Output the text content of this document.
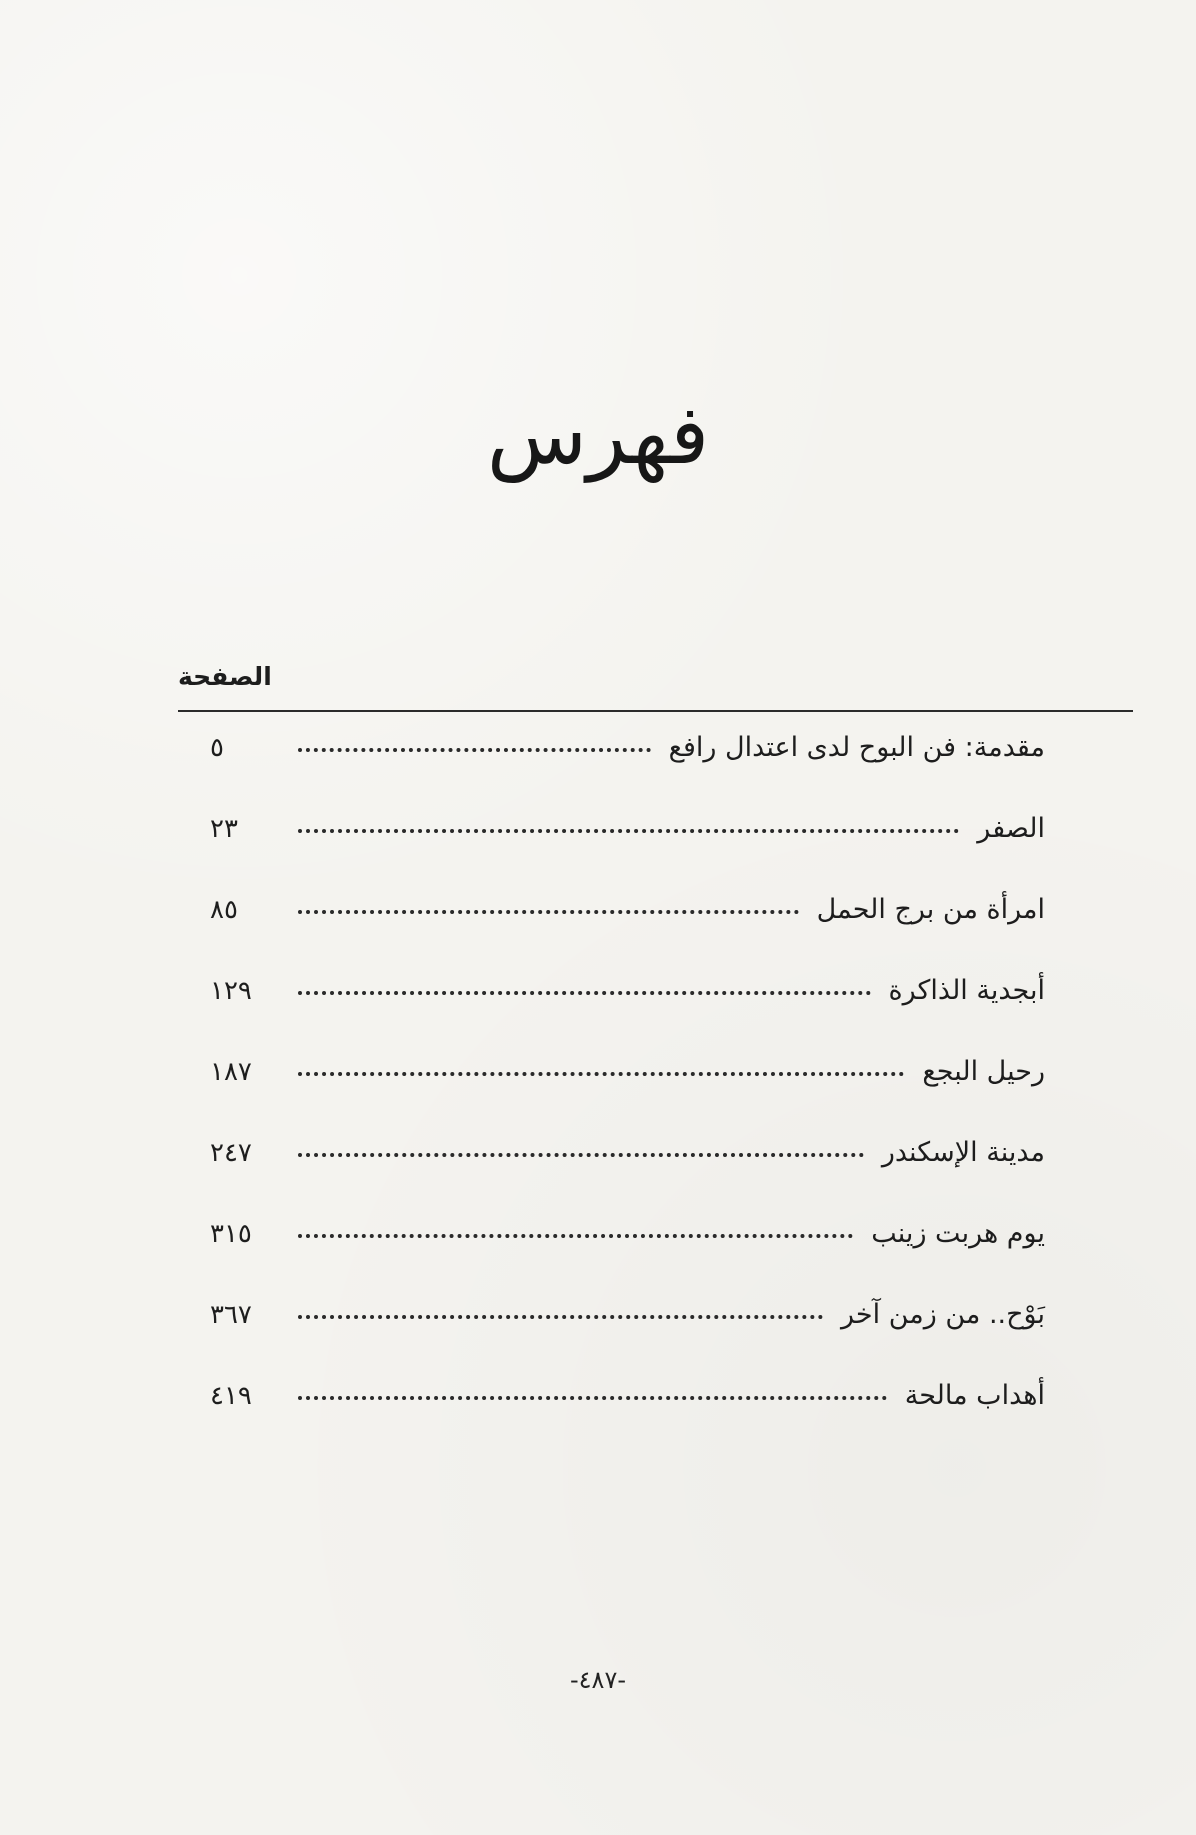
فهرس
الصفحة
مقدمة: فن البوح لدى اعتدال رافع
٥
الصفر
٢٣
امرأة من برج الحمل
٨٥
أبجدية الذاكرة
١٢٩
رحيل البجع
١٨٧
مدينة الإسكندر
٢٤٧
يوم هربت زينب
٣١٥
بَوْح.. من زمن آخر
٣٦٧
أهداب مالحة
٤١٩
-٤٨٧-
